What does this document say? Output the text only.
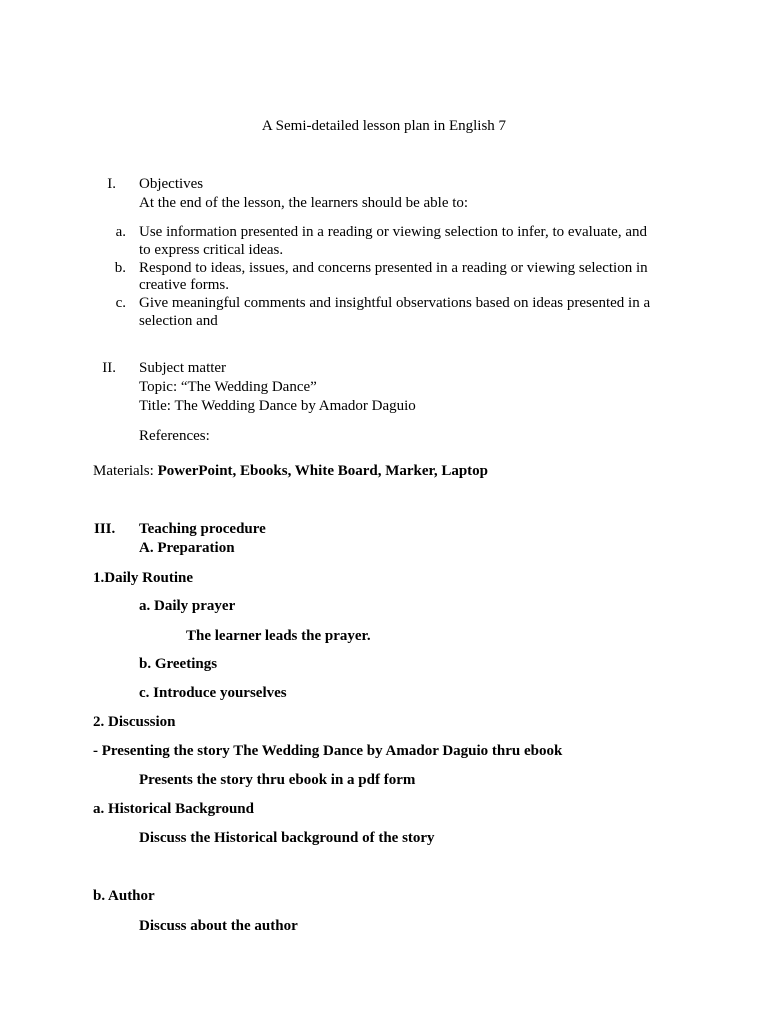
A Semi-detailed lesson plan in English 7
I. Objectives
At the end of the lesson, the learners should be able to:
a. Use information presented in a reading or viewing selection to infer, to evaluate, and
to express critical ideas.
b. Respond to ideas, issues, and concerns presented in a reading or viewing selection in
creative forms.
c. Give meaningful comments and insightful observations based on ideas presented in a
selection and
II. Subject matter
Topic: “The Wedding Dance”
Title: The Wedding Dance by Amador Daguio
References:
Materials: PowerPoint, Ebooks, White Board, Marker, Laptop
III. Teaching procedure
A. Preparation
1.Daily Routine
a. Daily prayer
The learner leads the prayer.
b. Greetings
c. Introduce yourselves
2. Discussion
- Presenting the story The Wedding Dance by Amador Daguio thru ebook
Presents the story thru ebook in a pdf form
a. Historical Background
Discuss the Historical background of the story
b. Author
Discuss about the author
